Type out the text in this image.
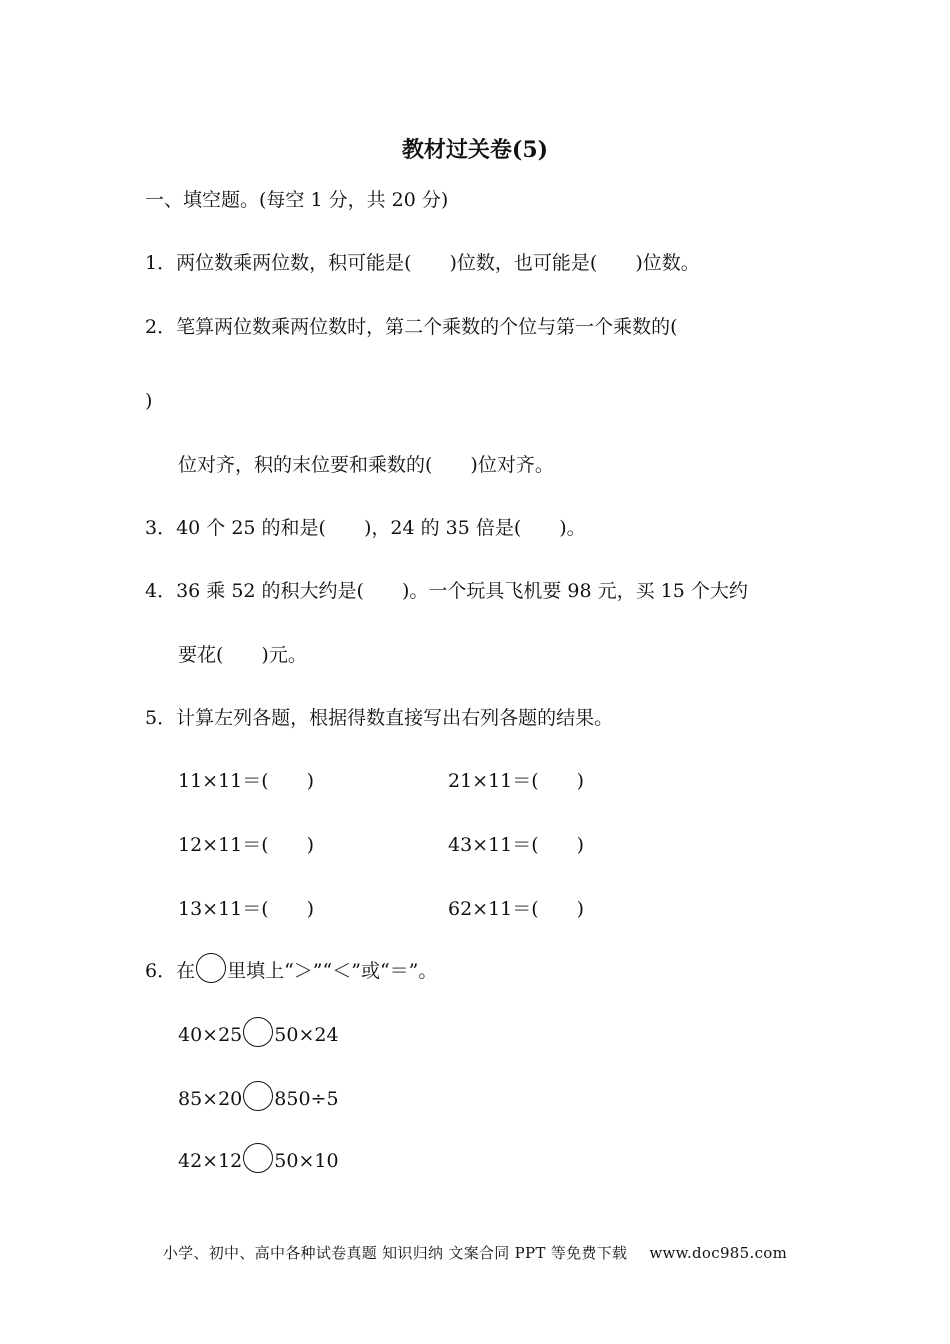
教材过关卷(5)
一、填空题。(每空 1 分，共 20 分)
1．两位数乘两位数，积可能是(　　)位数，也可能是(　　)位数。
2．笔算两位数乘两位数时，第二个乘数的个位与第一个乘数的(
)
位对齐，积的末位要和乘数的(　　)位对齐。
3．40 个 25 的和是(　　)，24 的 35 倍是(　　)。
4．36 乘 52 的积大约是(　　)。一个玩具飞机要 98 元，买 15 个大约
要花(　　)元。
5．计算左列各题，根据得数直接写出右列各题的结果。
11×11＝(　　)	21×11＝(　　)
12×11＝(　　)	43×11＝(　　)
13×11＝(　　)	62×11＝(　　)
6．在 里填上“＞”“＜”或“＝”。
40×25 50×24
85×20 850÷5
42×12 50×10
小学、初中、高中各种试卷真题 知识归纳 文案合同 PPT 等免费下载 www.doc985.com
